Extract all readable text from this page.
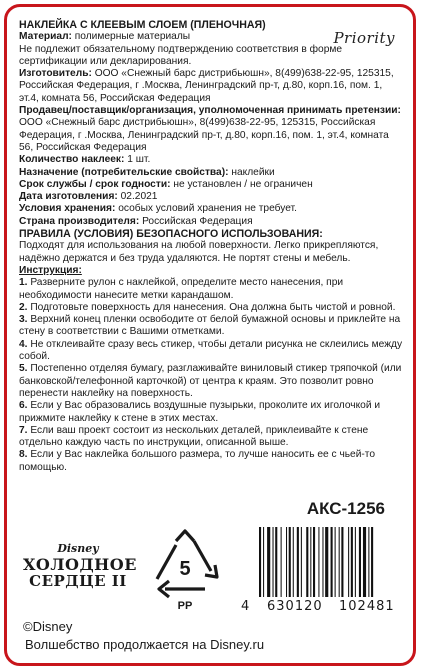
НАКЛЕЙКА С КЛЕЕВЫМ СЛОЕМ (ПЛЕНОЧНАЯ)

Материал: полимерные материалы

Не подлежит обязательному подтверждению соответствия в форме сертификации или декларирования.

Изготовитель: ООО «Снежный барс дистрибьюшн», 8(499)638-22-95, 125315, Российская Федерация, г .Москва, Ленинградский пр-т, д.80, корп.16, пом. 1, эт.4, комната 56, Российская Федерация

Продавец/поставщик/организация, уполномоченная принимать претензии: ООО «Снежный барс дистрибьюшн», 8(499)638-22-95, 125315, Российская Федерация, г .Москва, Ленинградский пр-т, д.80, корп.16, пом. 1, эт.4, комната 56, Российская Федерация

Количество наклеек: 1 шт.

Назначение (потребительские свойства): наклейки

Срок службы / срок годности: не установлен / не ограничен

Дата изготовления: 02.2021

Условия хранения: особых условий хранения не требует.

Страна производителя: Российская Федерация

ПРАВИЛА (УСЛОВИЯ) БЕЗОПАСНОГО ИСПОЛЬЗОВАНИЯ:

Подходят для использования на любой поверхности. Легко прикрепляются, надёжно держатся и без труда удаляются. Не портят стены и мебель.

Инструкция:

1. Разверните рулон с наклейкой, определите место нанесения, при необходимости нанесите метки карандашом.

2. Подготовьте поверхность для нанесения. Она должна быть чистой и ровной.

3. Верхний конец пленки освободите от белой бумажной основы и приклейте на стену в соответствии с Вашими отметками.

4. Не отклеивайте сразу весь стикер, чтобы детали рисунка не склеились между собой.

5. Постепенно отделяя бумагу, разглаживайте виниловый стикер тряпочкой (или банковской/телефонной карточкой) от центра к краям. Это позволит ровно перенести наклейку на поверхность.

6. Если у Вас образовались воздушные пузырьки, проколите их иголочкой и прижмите наклейку к стене в этих местах.

7. Если ваш проект состоит из нескольких деталей, приклеивайте к стене отдельно каждую часть по инструкции, описанной выше.

8. Если у Вас наклейка большого размера, то лучше наносить ее с чьей-то помощью.

Priority
АКС-1256
Disney
ХОЛОДНОЕ
СЕРДЦЕ II
5
PP	4 630120 102481
©Disney
Волшебство продолжается на Disney.ru
